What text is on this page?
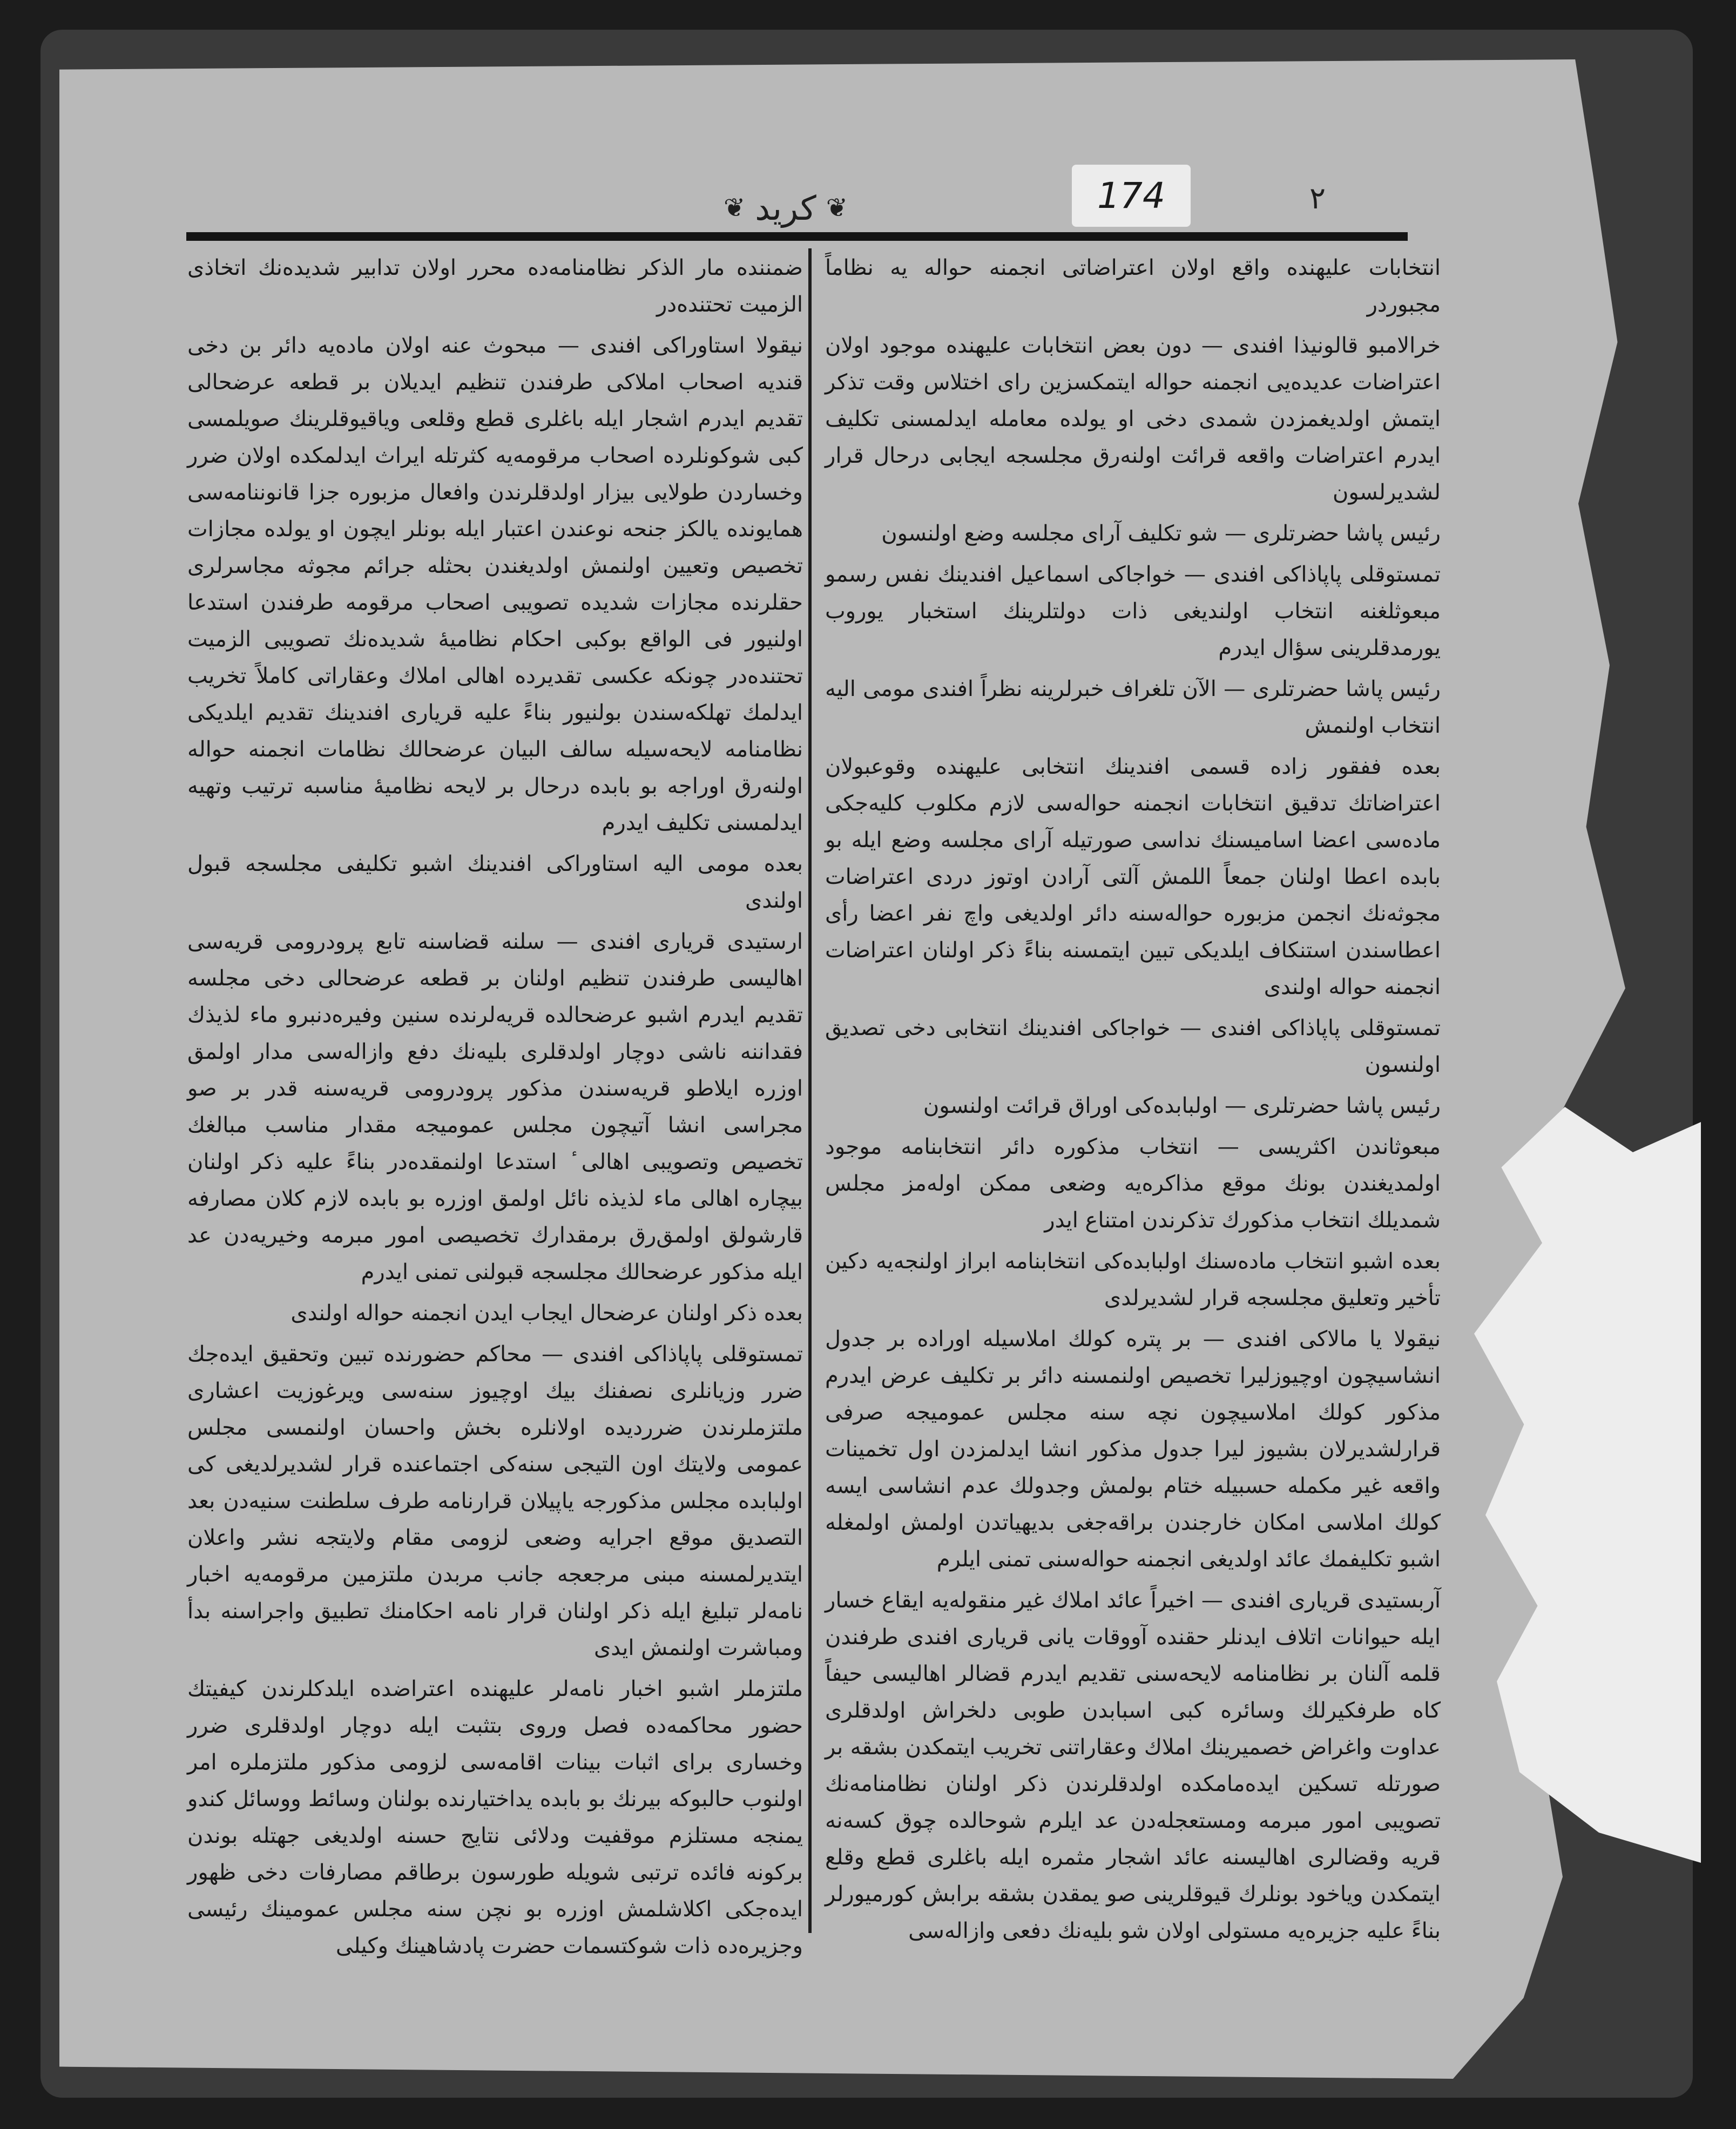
174
❦
كريد
❦	٢

انتخابات علیهنده واقع اولان اعتراضاتی انجمنه حواله یه نظاماً مجبوردر

خرالامبو قالونیذا افندی — دون بعض انتخابات علیهنده موجود اولان اعتراضات عدیده‌یی انجمنه حواله ایتمکسزین رای اختلاس وقت تذکر ایتمش اولدیغمزدن شمدی دخی او یولده معامله ایدلمسنی تکلیف ایدرم اعتراضات واقعه قرائت اولنه‌رق مجلسجه ایجابی درحال قرار لشدیرلسون

رئیس پاشا حضرتلری — شو تکلیف آرای مجلسه وضع اولنسون

تمستوقلی پاپاذاکی افندی — خواجاکی اسماعیل افندینك نفس رسمو مبعوثلغنه انتخاب اولندیغی ذات دولتلرینك استخبار یوروب یورمدقلرینی سؤال ایدرم

رئیس پاشا حضرتلری — الآن تلغراف خبرلرینه نظراً افندی مومی الیه انتخاب اولنمش

بعده ففقور زاده قسمی افندینك انتخابی علیهنده وقوعبولان اعتراضاتك تدقیق انتخابات انجمنه حواله‌سی لازم مکلوب کلیه‌جکی ماده‌سی اعضا اسامیسنك نداسی صورتیله آرای مجلسه وضع ایله بو بابده اعطا اولنان جمعاً اللمش آلتی آرادن اوتوز دردی اعتراضات مجوثه‌نك انجمن مزبوره حواله‌سنه دائر اولدیغی واچ نفر اعضا رأی اعطاسندن استنکاف ایلدیکی تبین ایتمسنه بناءً ذکر اولنان اعتراضات انجمنه حواله اولندی

تمستوقلی پاپاذاکی افندی — خواجاکی افندینك انتخابی دخی تصدیق اولنسون

رئیس پاشا حضرتلری — اولبابده‌کی اوراق قرائت اولنسون

مبعوثاندن اکثریسی — انتخاب مذکوره دائر انتخابنامه موجود اولمدیغندن بونك موقع مذاکره‌یه وضعی ممکن اوله‌مز مجلس شمدیلك انتخاب مذکورك تذکرندن امتناع ایدر

بعده اشبو انتخاب ماده‌سنك اولبابده‌کی انتخابنامه ابراز اولنجه‌یه دکین تأخیر وتعلیق مجلسجه قرار لشدیرلدی

نیقولا یا مالاکی افندی — بر پتره کولك املاسیله اوراده بر جدول انشاسیچون اوچیوزلیرا تخصیص اولنمسنه دائر بر تکلیف عرض ایدرم مذکور کولك املاسیچون نچه سنه مجلس عمومیجه صرفی قرارلشدیرلان بشیوز لیرا جدول مذکور انشا ایدلمزدن اول تخمینات واقعه غیر مکمله حسبیله ختام بولمش وجدولك عدم انشاسی ایسه کولك املاسی امکان خارجندن براقه‌جغی بدیهیاتدن اولمش اولمغله اشبو تکلیفمك عائد اولدیغی انجمنه حواله‌سنی تمنی ایلرم

آربستیدی قریاری افندی — اخیراً عائد املاك غیر منقوله‌یه ایقاع خسار ایله حیوانات اتلاف ایدنلر حقنده آووقات یانی قریاری افندی طرفندن قلمه آلنان بر نظامنامه لایحه‌سنی تقدیم ایدرم قضالر اهالیسی حیفاً کاه طرفکیرلك وسائره کبی اسبابدن طوبی دلخراش اولدقلری عداوت واغراض خصمیرینك املاك وعقاراتنی تخریب ایتمکدن بشقه بر صورتله تسکین ایده‌مامکده اولدقلرندن ذکر اولنان نظامنامه‌نك تصویبی امور مبرمه ومستعجله‌دن عد ایلرم شوحالده چوق کسه‌نه قریه وقضالری اهالیسنه عائد اشجار مثمره ایله باغلری قطع وقلع ایتمکدن ویاخود بونلرك قیوقلرینی صو یمقدن بشقه برابش کورمیورلر بناءً علیه جزیره‌یه مستولی اولان شو بلیه‌نك دفعی وازاله‌سی

ضمننده مار الذکر نظامنامه‌ده محرر اولان تدابیر شدیده‌نك اتخاذی الزمیت تحتنده‌در

نیقولا استاوراکی افندی — مبحوث عنه اولان ماده‌یه دائر بن دخی قندیه اصحاب املاکی طرفندن تنظیم ایدیلان بر قطعه عرضحالی تقدیم ایدرم اشجار ایله باغلری قطع وقلعی ویاقیوقلرینك صویلمسی کبی شوکونلرده اصحاب مرقومه‌یه کثرتله ایراث ایدلمکده اولان ضرر وخساردن طولایی بیزار اولدقلرندن وافعال مزبوره جزا قانوننامه‌سی همایونده یالکز جنحه نوعندن اعتبار ایله بونلر ایچون او یولده مجازات تخصیص وتعیین اولنمش اولدیغندن بحثله جرائم مجوثه مجاسرلری حقلرنده مجازات شدیده تصویبی اصحاب مرقومه طرفندن استدعا اولنیور فی الواقع بوکبی احکام نظامیه‌ٔ شدیده‌نك تصویبی الزمیت تحتنده‌در چونکه عکسی تقدیرده اهالی املاك وعقاراتی کاملاً تخریب ایدلمك تهلکه‌سندن بولنیور بناءً علیه قریاری افندینك تقدیم ایلدیکی نظامنامه لایحه‌سیله سالف البیان عرضحالك نظامات انجمنه حواله اولنه‌رق اوراجه بو بابده درحال بر لایحه نظامیهٔ مناسبه ترتیب وتهیه ایدلمسنی تکلیف ایدرم

بعده مومی الیه استاوراکی افندینك اشبو تکلیفی مجلسجه قبول اولندی

ارستیدی قریاری افندی — سلنه قضاسنه تابع پرودرومی قریه‌سی اهالیسی طرفندن تنظیم اولنان بر قطعه عرضحالی دخی مجلسه تقدیم ایدرم اشبو عرضحالده قریه‌لرنده سنین وفیره‌دنبرو ماء لذیذك فقداننه ناشی دوچار اولدقلری بلیه‌نك دفع وازاله‌سی مدار اولمق اوزره ایلاطو قریه‌سندن مذکور پرودرومی قریه‌سنه قدر بر صو مجراسی انشا آتیچون مجلس عمومیجه مقدار مناسب مبالغك تخصیص وتصویبی اهالی ٔ استدعا اولنمقده‌در بناءً علیه ذکر اولنان بیچاره اهالی ماء لذیذه نائل اولمق اوزره بو بابده لازم کلان مصارفه قارشولق اولمق‌رق برمقدارك تخصیصی امور مبرمه وخیریه‌دن عد ایله مذکور عرضحالك مجلسجه قبولنی تمنی ایدرم

بعده ذکر اولنان عرضحال ایجاب ایدن انجمنه حواله اولندی

تمستوقلی پاپاذاکی افندی — محاکم حضورنده تبین وتحقیق ایده‌جك ضرر وزیانلری نصفنك بیك اوچیوز سنه‌سی ویرغوزیت اعشاری ملتزملرندن ضرردیده اولانلره بخش واحسان اولنمسی مجلس عمومی ولایتك اون التیجی سنه‌کی اجتماعنده قرار لشدیرلدیغی کی اولبابده مجلس مذکورجه یاپیلان قرارنامه طرف سلطنت سنیه‌دن بعد التصدیق موقع اجرایه وضعی لزومی مقام ولایتجه نشر واعلان ایتدیرلمسنه مبنی مرجعجه جانب مربدن ملتزمین مرقومه‌یه اخبار نامه‌لر تبلیغ ایله ذکر اولنان قرار نامه احکامنك تطبیق واجراسنه بدأ ومباشرت اولنمش ایدی

ملتزملر اشبو اخبار نامه‌لر علیهنده اعتراضده ایلدکلرندن کیفیتك حضور محاکمه‌ده فصل وروی بتثبت ایله دوچار اولدقلری ضرر وخساری برای اثبات بینات اقامه‌سی لزومی مذکور ملتزملره امر اولنوب حالبوکه بیرنك بو بابده یداختیارنده بولنان وسائط ووسائل کندو یمنجه مستلزم موقفیت ودلائی نتایج حسنه اولدیغی جهتله بوندن برکونه فائده ترتبی شویله طورسون برطاقم مصارفات دخی ظهور ایده‌جکی اکلاشلمش اوزره بو نچن سنه مجلس عمومینك رئیسی وجزیره‌ده ذات شوکتسمات حضرت پادشاهینك وکیلی
